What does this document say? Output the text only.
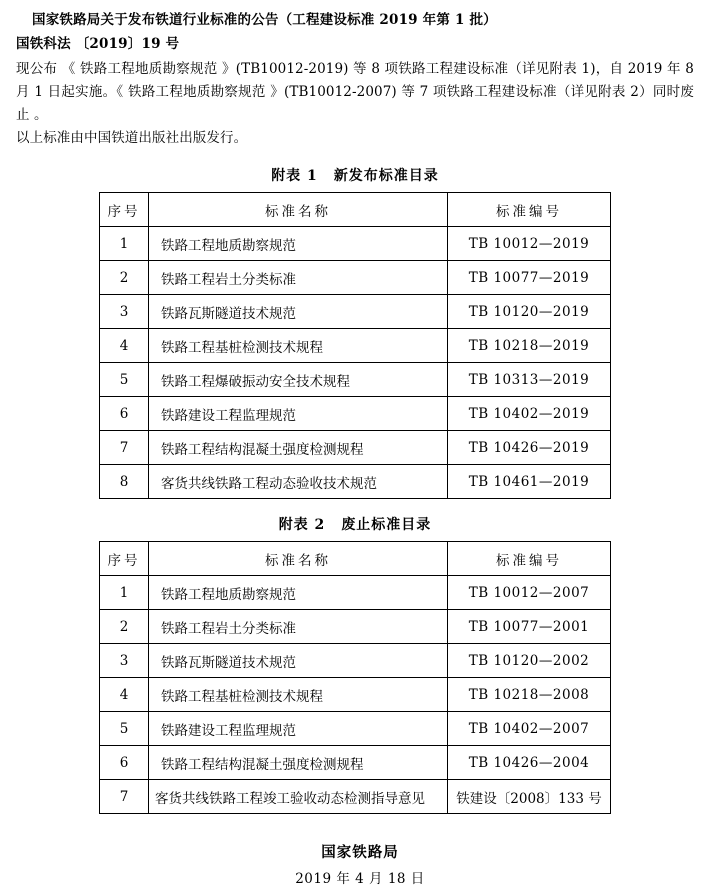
国家铁路局关于发布铁道行业标准的公告（工程建设标准 2019 年第 1 批）
国铁科法 〔2019〕19 号

现公布 《 铁路工程地质勘察规范 》(TB10012-2019) 等 8 项铁路工程建设标准（详见附表 1)，自 2019 年 8 月 1 日起实施。《 铁路工程地质勘察规范 》(TB10012-2007) 等 7 项铁路工程建设标准（详见附表 2）同时废止 。

以上标准由中国铁道出版社出版发行。

附表 1 新发布标准目录
序号	标准名称	标准编号
1	铁路工程地质勘察规范	TB 10012—2019
2	铁路工程岩土分类标准	TB 10077—2019
3	铁路瓦斯隧道技术规范	TB 10120—2019
4	铁路工程基桩检测技术规程	TB 10218—2019
5	铁路工程爆破振动安全技术规程	TB 10313—2019
6	铁路建设工程监理规范	TB 10402—2019
7	铁路工程结构混凝土强度检测规程	TB 10426—2019
8	客货共线铁路工程动态验收技术规范	TB 10461—2019
附表 2 废止标准目录
序号	标准名称	标准编号
1	铁路工程地质勘察规范	TB 10012—2007
2	铁路工程岩土分类标准	TB 10077—2001
3	铁路瓦斯隧道技术规范	TB 10120—2002
4	铁路工程基桩检测技术规程	TB 10218—2008
5	铁路建设工程监理规范	TB 10402—2007
6	铁路工程结构混凝土强度检测规程	TB 10426—2004
7	客货共线铁路工程竣工验收动态检测指导意见	铁建设〔2008〕133 号
国家铁路局
2019 年 4 月 18 日
